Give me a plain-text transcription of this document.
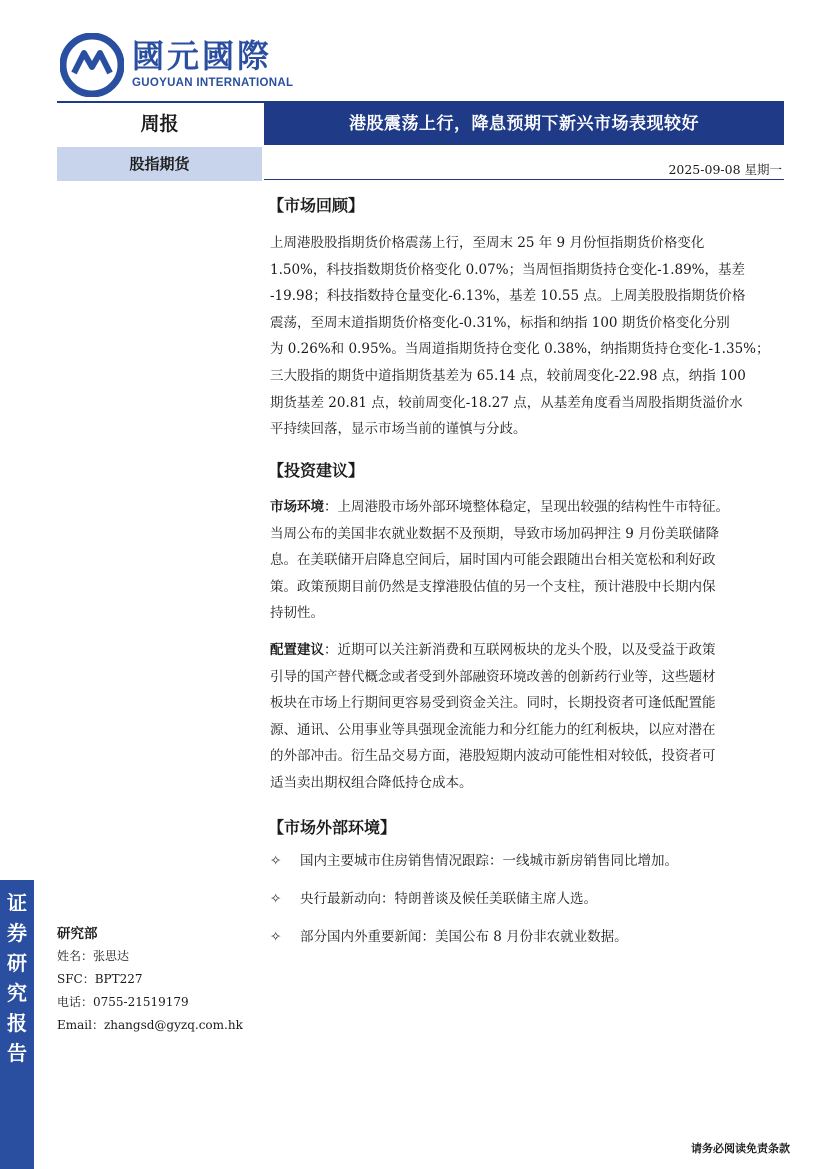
國元國際
GUOYUAN INTERNATIONAL
周报	港股震荡上行，降息预期下新兴市场表现较好
股指期货	2025-09-08 星期一
证
券
研
究
报
告
研究部
姓名：张思达
SFC：BPT227
电话：0755-21519179
Email：zhangsd@gyzq.com.hk
【市场回顾】
上周港股股指期货价格震荡上行，至周末 25 年 9 月份恒指期货价格变化
1.50%，科技指数期货价格变化 0.07%；当周恒指期货持仓变化-1.89%，基差
-19.98；科技指数持仓量变化-6.13%，基差 10.55 点。上周美股股指期货价格
震荡，至周末道指期货价格变化-0.31%，标指和纳指 100 期货价格变化分别
为 0.26%和 0.95%。当周道指期货持仓变化 0.38%，纳指期货持仓变化-1.35%；
三大股指的期货中道指期货基差为 65.14 点，较前周变化-22.98 点，纳指 100
期货基差 20.81 点，较前周变化-18.27 点，从基差角度看当周股指期货溢价水
平持续回落，显示市场当前的谨慎与分歧。
【投资建议】
市场环境：上周港股市场外部环境整体稳定，呈现出较强的结构性牛市特征。
当周公布的美国非农就业数据不及预期，导致市场加码押注 9 月份美联储降
息。在美联储开启降息空间后，届时国内可能会跟随出台相关宽松和利好政
策。政策预期目前仍然是支撑港股估值的另一个支柱，预计港股中长期内保
持韧性。
配置建议：近期可以关注新消费和互联网板块的龙头个股，以及受益于政策
引导的国产替代概念或者受到外部融资环境改善的创新药行业等，这些题材
板块在市场上行期间更容易受到资金关注。同时，长期投资者可逢低配置能
源、通讯、公用事业等具强现金流能力和分红能力的红利板块，以应对潜在
的外部冲击。衍生品交易方面，港股短期内波动可能性相对较低，投资者可
适当卖出期权组合降低持仓成本。
【市场外部环境】
✧ 国内主要城市住房销售情况跟踪：一线城市新房销售同比增加。
✧ 央行最新动向：特朗普谈及候任美联储主席人选。
✧ 部分国内外重要新闻：美国公布 8 月份非农就业数据。
请务必阅读免责条款
